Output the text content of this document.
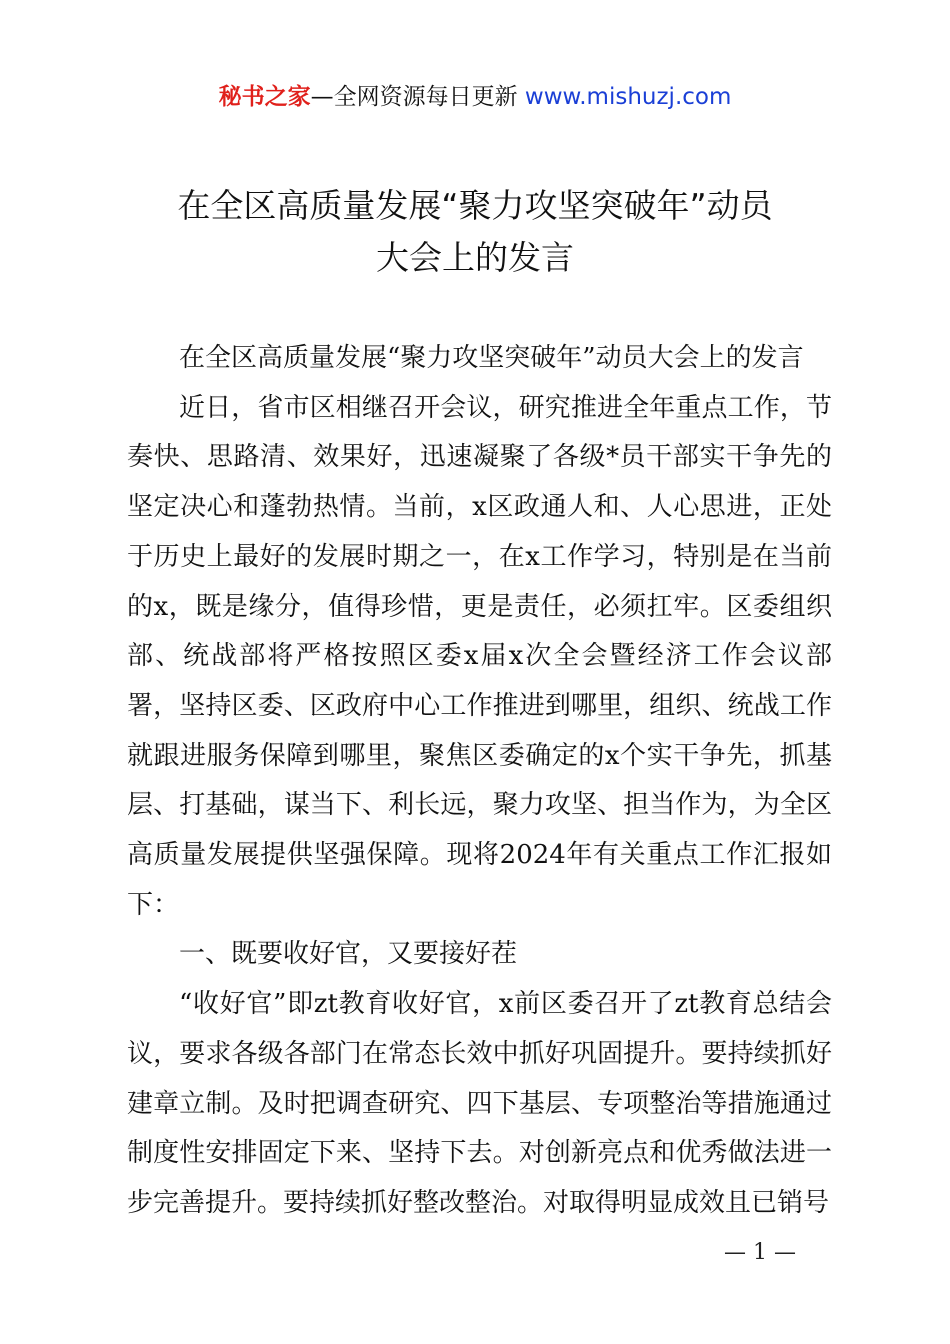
秘书之家—全网资源每日更新 www.mishuzj.com
在全区高质量发展“聚力攻坚突破年”动员
大会上的发言

在全区高质量发展“聚力攻坚突破年”动员大会上的发言

近日，省市区相继召开会议，研究推进全年重点工作，节奏快、思路清、效果好，迅速凝聚了各级*员干部实干争先的坚定决心和蓬勃热情。当前，x区政通人和、人心思进，正处于历史上最好的发展时期之一，在x工作学习，特别是在当前的x，既是缘分，值得珍惜，更是责任，必须扛牢。区委组织部、统战部将严格按照区委x届x次全会暨经济工作会议部署，坚持区委、区政府中心工作推进到哪里，组织、统战工作就跟进服务保障到哪里，聚焦区委确定的x个实干争先，抓基层、打基础，谋当下、利长远，聚力攻坚、担当作为，为全区高质量发展提供坚强保障。现将2024年有关重点工作汇报如下：

一、既要收好官，又要接好茬

“收好官”即zt教育收好官，x前区委召开了zt教育总结会议，要求各级各部门在常态长效中抓好巩固提升。要持续抓好建章立制。及时把调查研究、四下基层、专项整治等措施通过制度性安排固定下来、坚持下去。对创新亮点和优秀做法进一步完善提升。要持续抓好整改整治。对取得明显成效且已销号

— 1 —
